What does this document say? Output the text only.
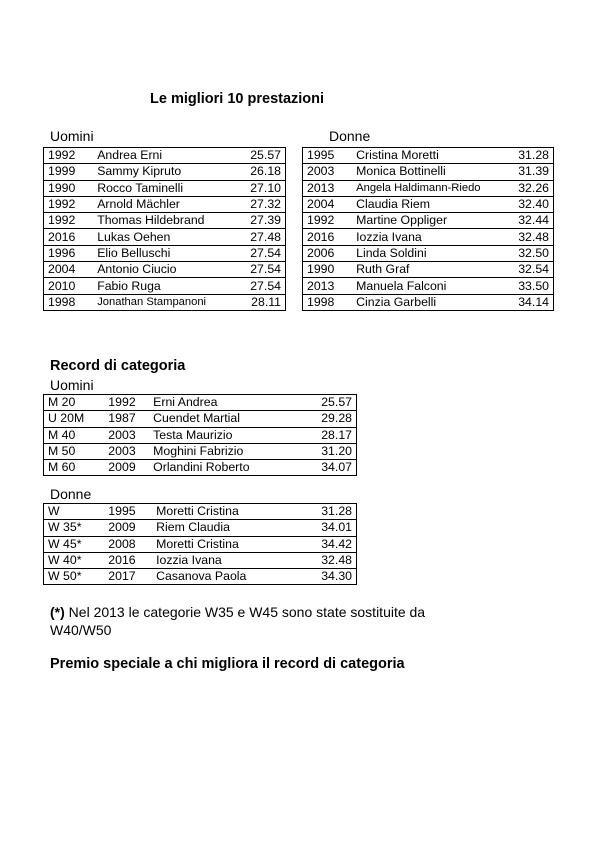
Le migliori 10 prestazioni
Uomini	Donne
1992	Andrea Erni	25.57
1999	Sammy Kipruto	26.18
1990	Rocco Taminelli	27.10
1992	Arnold Mächler	27.32
1992	Thomas Hildebrand	27.39
2016	Lukas Oehen	27.48
1996	Elio Belluschi	27.54
2004	Antonio Ciucio	27.54
2010	Fabio Ruga	27.54
1998	Jonathan Stampanoni	28.11
1995	Cristina Moretti	31.28
2003	Monica Bottinelli	31.39
2013	Angela Haldimann-Riedo	32.26
2004	Claudia Riem	32.40
1992	Martine Oppliger	32.44
2016	Iozzia Ivana	32.48
2006	Linda Soldini	32.50
1990	Ruth Graf	32.54
2013	Manuela Falconi	33.50
1998	Cinzia Garbelli	34.14
Record di categoria
Uomini
M 20	1992	Erni Andrea	25.57
U 20M	1987	Cuendet Martial	29.28
M 40	2003	Testa Maurizio	28.17
M 50	2003	Moghini Fabrizio	31.20
M 60	2009	Orlandini Roberto	34.07
Donne
W	1995	Moretti Cristina	31.28
W 35*	2009	Riem Claudia	34.01
W 45*	2008	Moretti Cristina	34.42
W 40*	2016	Iozzia Ivana	32.48
W 50*	2017	Casanova Paola	34.30
(*) Nel 2013 le categorie W35 e W45 sono state sostituite da W40/W50
Premio speciale a chi migliora il record di categoria
